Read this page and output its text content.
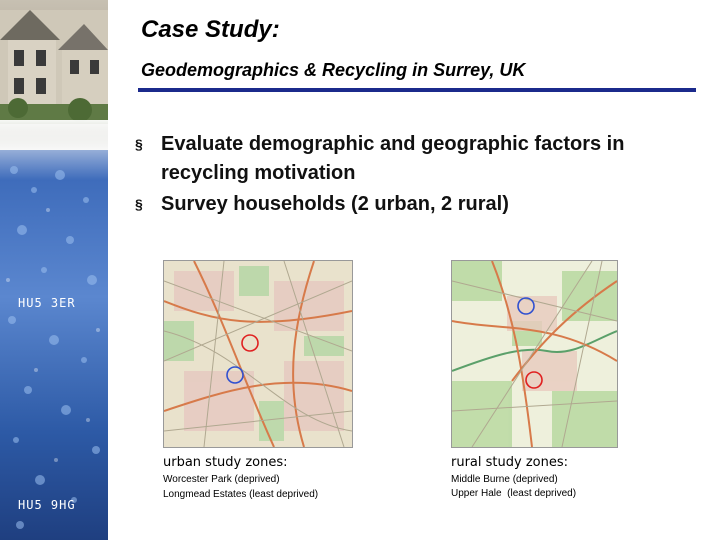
HU5 3ER
HU5 9HG
Case Study:
Geodemographics & Recycling in Surrey, UK
§ Evaluate demographic and geographic factors in recycling motivation
§ Survey households (2 urban, 2 rural)
urban study zones:
Worcester Park (deprived)
Longmead Estates (least deprived)
rural study zones:
Middle Burne (deprived)
Upper Hale  (least deprived)
